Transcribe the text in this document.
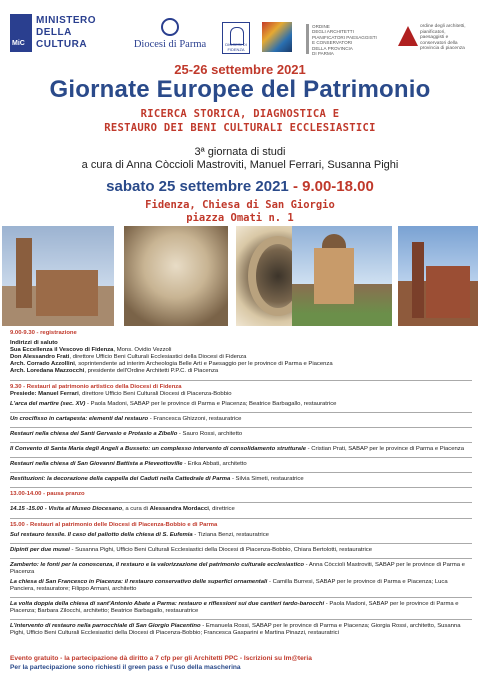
MiC
MINISTERO
DELLA
CULTURA	Diocesi di Parma	DIOCESI DI FIDENZA
ORDINE
DEGLI ARCHITETTI
PIANIFICATORI PAESAGGISTI
E CONSERVATORI
DELLA PROVINCIA
DI PARMA
ordine degli architetti,
pianificatori,
paesaggisti e
conservatori della
provincia di piacenza
25-26 settembre 2021
Giornate Europee del Patrimonio
RICERCA STORICA, DIAGNOSTICA E
RESTAURO DEI BENI CULTURALI ECCLESIASTICI
3ª giornata di studi
a cura di Anna Còccioli Mastroviti, Manuel Ferrari, Susanna Pighi
sabato 25 settembre 2021 - 9.00-18.00
Fidenza, Chiesa di San Giorgio
piazza Omati n. 1

9.00-9.30 - registrazione

Indirizzi di saluto

Sua Eccellenza il Vescovo di Fidenza, Mons. Ovidio Vezzoli

Don Alessandro Frati, direttore Ufficio Beni Culturali Ecclesiastici della Diocesi di Fidenza

Arch. Corrado Azzollini, soprintendente ad interim Archeologia Belle Arti e Paesaggio per le province di Parma e Piacenza

Arch. Loredana Mazzocchi, presidente dell'Ordine Architetti P.P.C. di Piacenza

9.30 - Restauri al patrimonio artistico della Diocesi di Fidenza

Presiede: Manuel Ferrari, direttore Ufficio Beni Culturali Diocesi di Piacenza-Bobbio

L'arca del martire (sec. XV) - Paola Madoni, SABAP per le province di Parma e Piacenza; Beatrice Barbagallo, restauratrice

Un crocifisso in cartapesta: elementi dal restauro - Francesca Ghizzoni, restauratrice

Restauri nella chiesa dei Santi Gervasio e Protasio a Zibello - Sauro Rossi, architetto

Il Convento di Santa Maria degli Angeli a Busseto: un complesso intervento di consolidamento strutturale - Cristian Prati, SABAP per le province di Parma e Piacenza

Restauri nella chiesa di San Giovanni Battista a Pieveottoville - Erika Abbati, architetto

Restituzioni: la decorazione della cappella dei Caduti nella Cattedrale di Parma - Silvia Simeti, restauratrice

13.00-14.00 - pausa pranzo

14.15 -15.00 - Visita al Museo Diocesano, a cura di Alessandra Mordacci, direttrice

15.00 - Restauri al patrimonio delle Diocesi di Piacenza-Bobbio e di Parma

Sul restauro tessile. Il caso del paliotto della chiesa di S. Eufemia - Tiziana Benzi, restauratrice

Dipinti per due musei - Susanna Pighi, Ufficio Beni Culturali Ecclesiastici della Diocesi di Piacenza-Bobbio, Chiara Bertolotti, restauratrice

Zamberto: le fonti per la conoscenza, il restauro e la valorizzazione del patrimonio culturale ecclesiastico - Anna Còccioli Mastroviti, SABAP per le province di Parma e Piacenza

La chiesa di San Francesco in Piacenza: il restauro conservativo delle superfici ornamentali - Camilla Burresi, SABAP per le province di Parma e Piacenza; Luca Panciera, restauratore; Filippo Armani, architetto

La volta doppia della chiesa di sant'Antonio Abate a Parma: restauro e riflessioni sui due cantieri tardo-barocchi - Paola Madoni, SABAP per le province di Parma e Piacenza; Barbara Zilocchi, architetto; Beatrice Barbagallo, restauratrice

L'intervento di restauro nella parrocchiale di San Giorgio Piacentino - Emanuela Rossi, SABAP per le province di Parma e Piacenza; Giorgia Rossi, architetto, Susanna Pighi, Ufficio Beni Culturali Ecclesiastici della Diocesi di Piacenza-Bobbio; Francesca Gasparini e Martina Pinazzi, restauratrici

Evento gratuito - la partecipazione dà diritto a 7 cfp per gli Architetti PPC - Iscrizioni su Im@teria
Per la partecipazione sono richiesti il green pass e l'uso della mascherina
